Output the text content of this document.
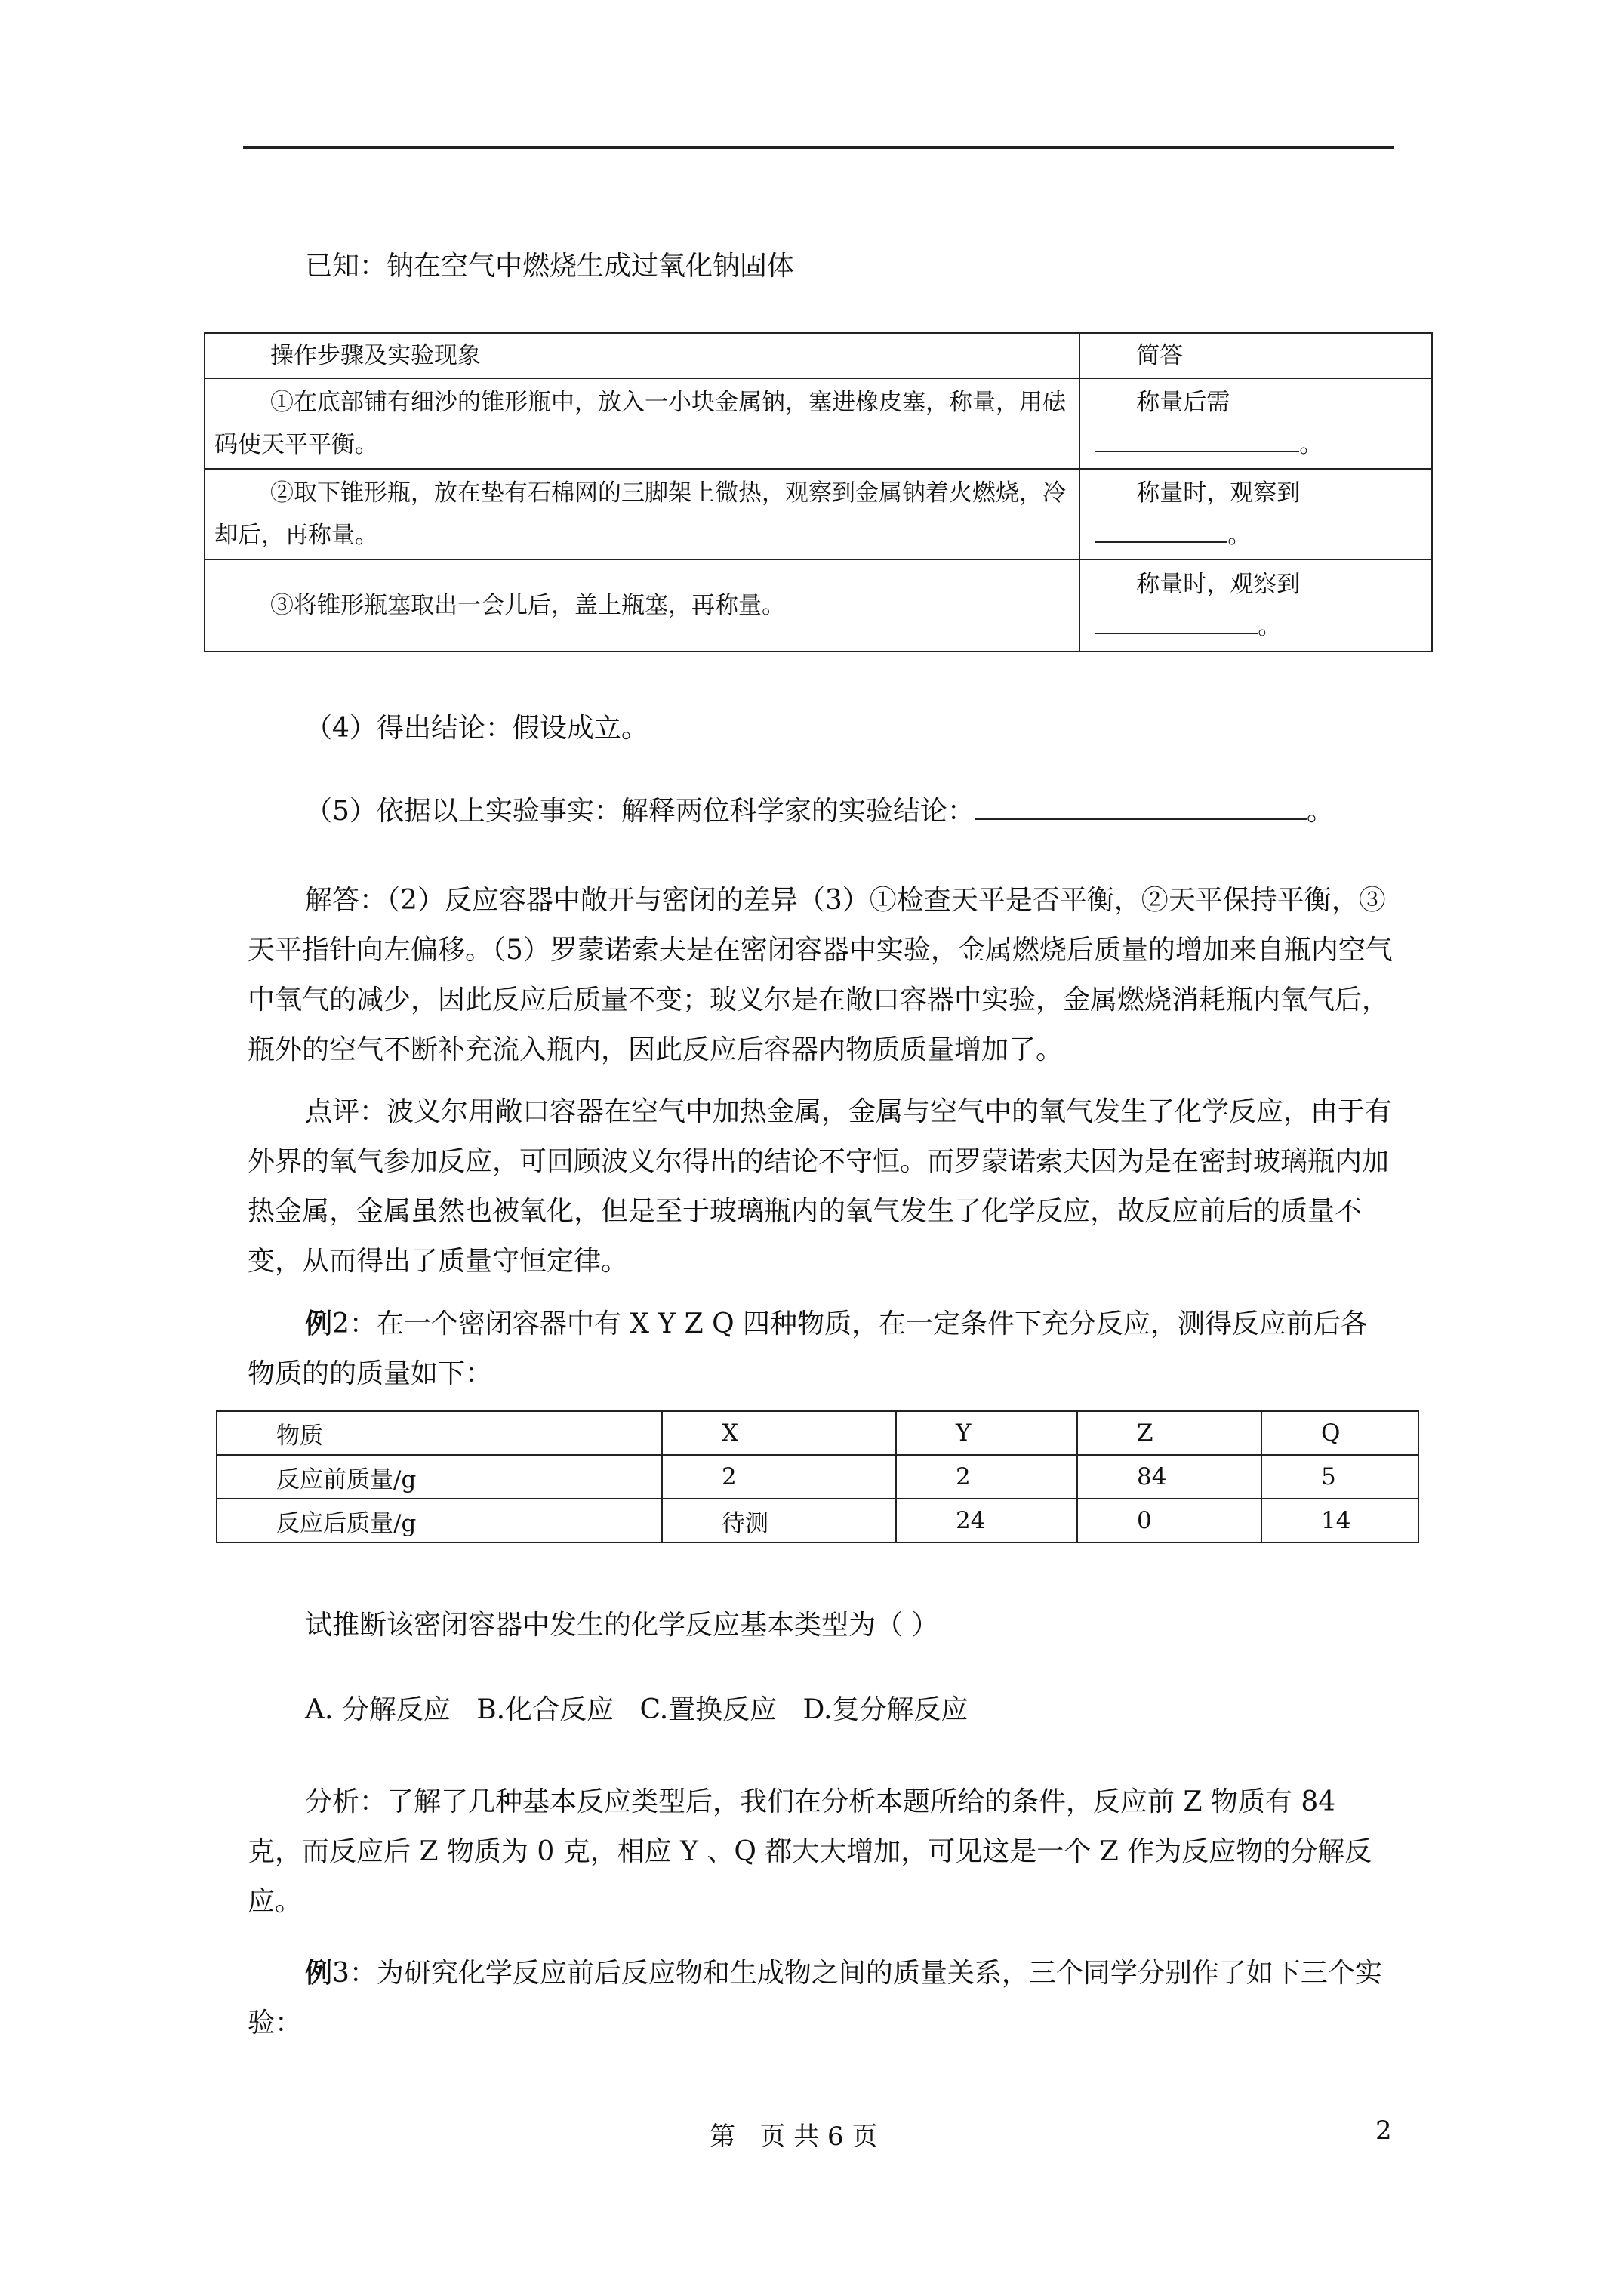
已知：钠在空气中燃烧生成过氧化钠固体

操作步骤及实验现象	简答
①在底部铺有细沙的锥形瓶中，放入一小块金属钠，塞进橡皮塞，称量，用砝码使天平平衡。	称量后需
。
②取下锥形瓶，放在垫有石棉网的三脚架上微热，观察到金属钠着火燃烧，冷却后，再称量。	称量时，观察到
。
③将锥形瓶塞取出一会儿后，盖上瓶塞，再称量。	称量时，观察到
。

（4）得出结论：假设成立。

（5）依据以上实验事实：解释两位科学家的实验结论：	。

解答：（2）反应容器中敞开与密闭的差异（3）①检查天平是否平衡，②天平保持平衡，③天平指针向左偏移。（5）罗蒙诺索夫是在密闭容器中实验，金属燃烧后质量的增加来自瓶内空气中氧气的减少，因此反应后质量不变；玻义尔是在敞口容器中实验，金属燃烧消耗瓶内氧气后，瓶外的空气不断补充流入瓶内，因此反应后容器内物质质量增加了。

点评：波义尔用敞口容器在空气中加热金属，金属与空气中的氧气发生了化学反应，由于有外界的氧气参加反应，可回顾波义尔得出的结论不守恒。而罗蒙诺索夫因为是在密封玻璃瓶内加热金属，金属虽然也被氧化，但是至于玻璃瓶内的氧气发生了化学反应，故反应前后的质量不变，从而得出了质量守恒定律。

例2：在一个密闭容器中有 X Y Z Q 四种物质，在一定条件下充分反应，测得反应前后各物质的的质量如下：

物质	X	Y	Z	Q
反应前质量/g	2	2	84	5
反应后质量/g	待测	24	0	14

试推断该密闭容器中发生的化学反应基本类型为（ ）

A. 分解反应   B.化合反应   C.置换反应   D.复分解反应

分析：了解了几种基本反应类型后，我们在分析本题所给的条件，反应前 Z 物质有 84 克，而反应后 Z 物质为 0 克，相应 Y 、Q 都大大增加，可见这是一个 Z 作为反应物的分解反应。

例3：为研究化学反应前后反应物和生成物之间的质量关系，三个同学分别作了如下三个实验：

第   页 共 6 页	2
